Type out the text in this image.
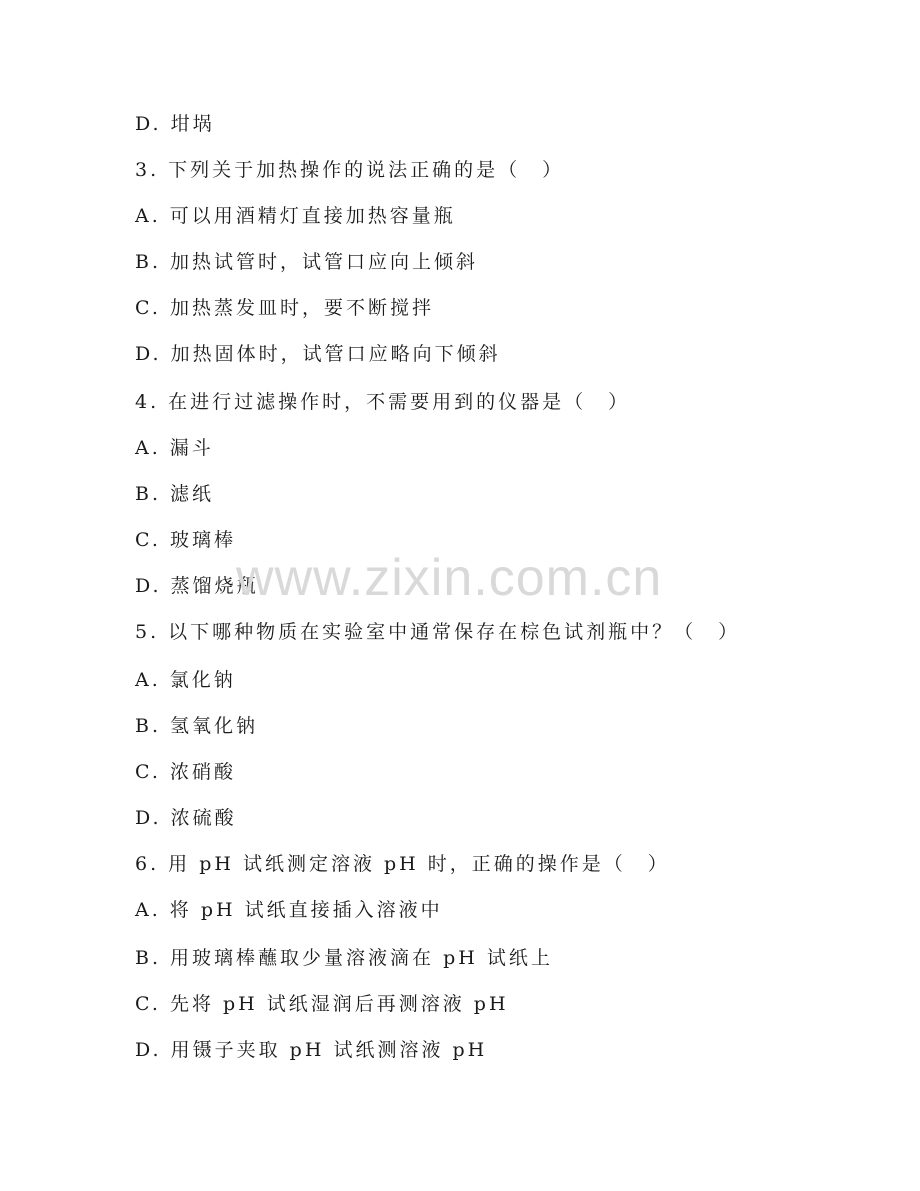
D. 坩埚
3. 下列关于加热操作的说法正确的是（　）
A. 可以用酒精灯直接加热容量瓶
B. 加热试管时，试管口应向上倾斜
C. 加热蒸发皿时，要不断搅拌
D. 加热固体时，试管口应略向下倾斜
4. 在进行过滤操作时，不需要用到的仪器是（　）
A. 漏斗
B. 滤纸
C. 玻璃棒
D. 蒸馏烧瓶
5. 以下哪种物质在实验室中通常保存在棕色试剂瓶中？（　）
A. 氯化钠
B. 氢氧化钠
C. 浓硝酸
D. 浓硫酸
6. 用 pH 试纸测定溶液 pH 时，正确的操作是（　）
A. 将 pH 试纸直接插入溶液中
B. 用玻璃棒蘸取少量溶液滴在 pH 试纸上
C. 先将 pH 试纸湿润后再测溶液 pH
D. 用镊子夹取 pH 试纸测溶液 pH
www.zixin.com.cn
